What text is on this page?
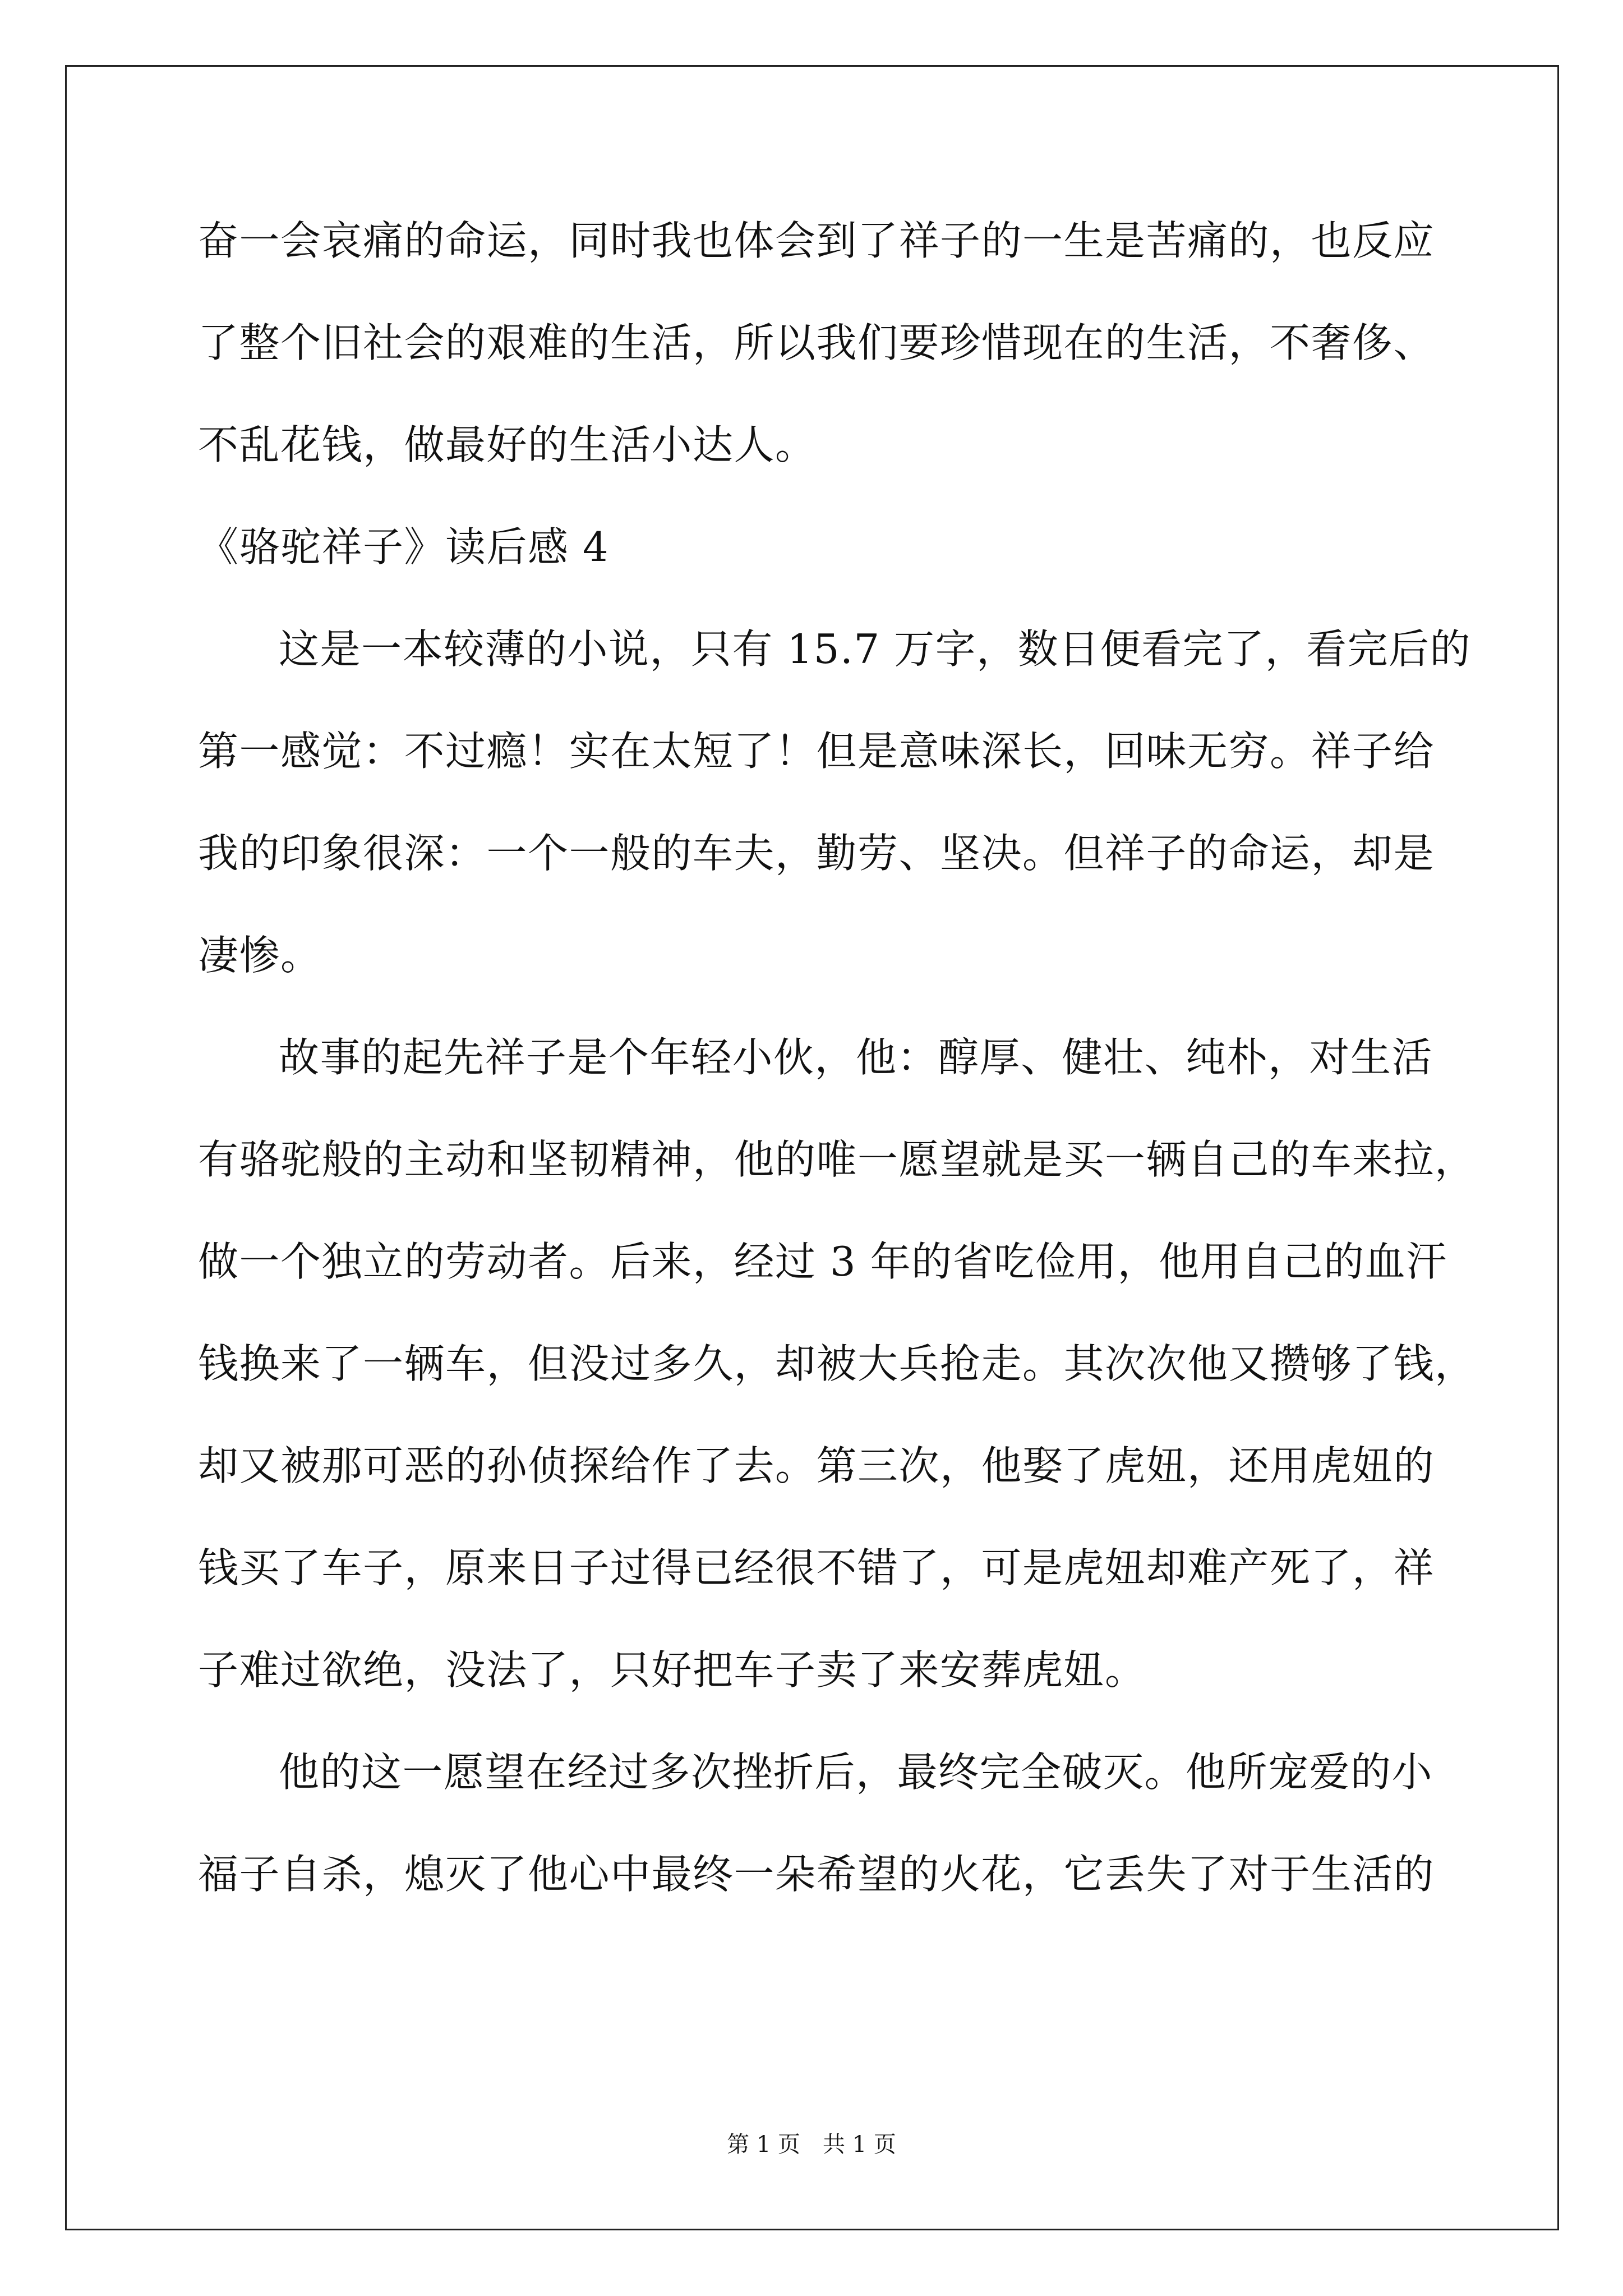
奋一会哀痛的命运，同时我也体会到了祥子的一生是苦痛的，也反应
了整个旧社会的艰难的生活，所以我们要珍惜现在的生活，不奢侈、
不乱花钱，做最好的生活小达人。
《骆驼祥子》读后感 4
这是一本较薄的小说，只有 15.7 万字，数日便看完了，看完后的
第一感觉：不过瘾！实在太短了！但是意味深长，回味无穷。祥子给
我的印象很深：一个一般的车夫，勤劳、坚决。但祥子的命运，却是
凄惨。
故事的起先祥子是个年轻小伙，他：醇厚、健壮、纯朴，对生活
有骆驼般的主动和坚韧精神，他的唯一愿望就是买一辆自己的车来拉，
做一个独立的劳动者。后来，经过 3 年的省吃俭用，他用自己的血汗
钱换来了一辆车，但没过多久，却被大兵抢走。其次次他又攒够了钱，
却又被那可恶的孙侦探给作了去。第三次，他娶了虎妞，还用虎妞的
钱买了车子，原来日子过得已经很不错了，可是虎妞却难产死了，祥
子难过欲绝，没法了，只好把车子卖了来安葬虎妞。
他的这一愿望在经过多次挫折后，最终完全破灭。他所宠爱的小
福子自杀，熄灭了他心中最终一朵希望的火花，它丢失了对于生活的
第 1 页　共 1 页
